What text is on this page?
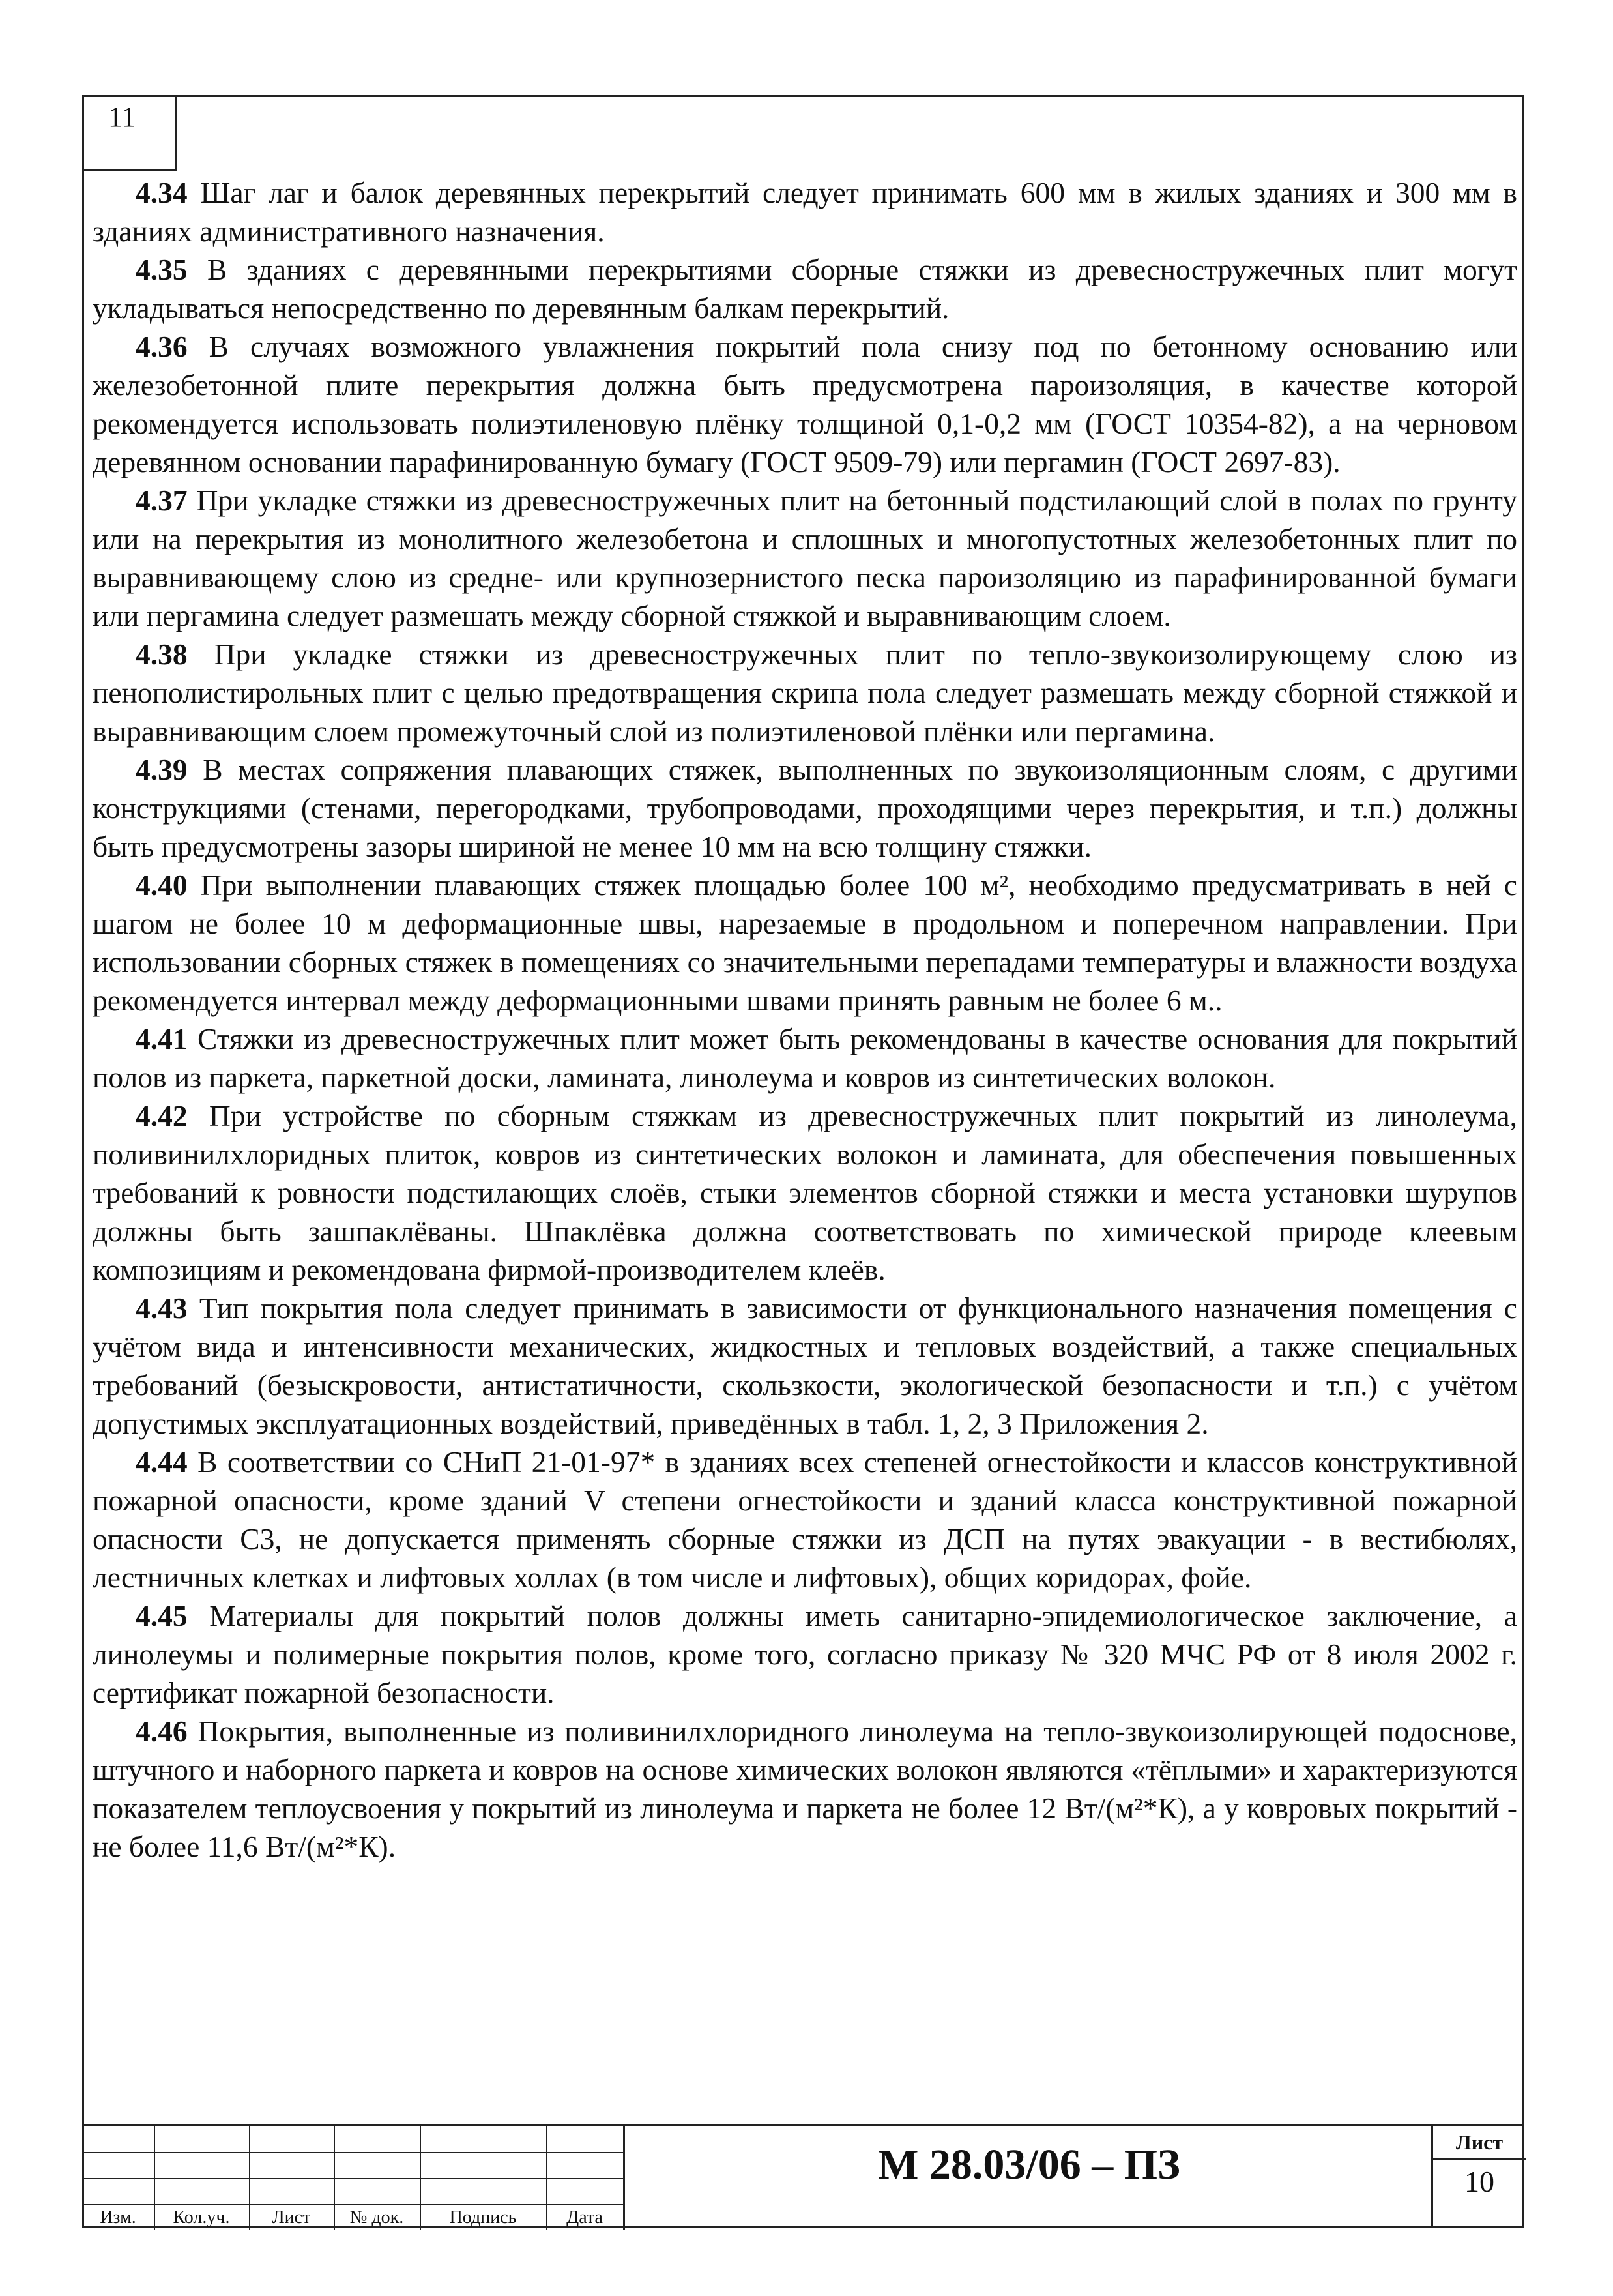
11

4.34 Шаг лаг и балок деревянных перекрытий следует принимать 600 мм в жилых зданиях и 300 мм в зданиях административного назначения.

4.35 В зданиях с деревянными перекрытиями сборные стяжки из древесностружечных плит могут укладываться непосредственно по деревянным балкам перекрытий.

4.36 В случаях возможного увлажнения покрытий пола снизу под по бетонному основанию или железобетонной плите перекрытия должна быть предусмотрена пароизоляция, в качестве которой рекомендуется использовать полиэтиленовую плёнку толщиной 0,1-0,2 мм (ГОСТ 10354-82), а на черновом деревянном основании парафинированную бумагу (ГОСТ 9509-79) или пергамин (ГОСТ 2697-83).

4.37 При укладке стяжки из древесностружечных плит на бетонный подстилающий слой в полах по грунту или на перекрытия из монолитного железобетона и сплошных и многопустотных железобетонных плит по выравнивающему слою из средне- или крупнозернистого песка пароизоляцию из парафинированной бумаги или пергамина следует размешать между сборной стяжкой и выравнивающим слоем.

4.38 При укладке стяжки из древесностружечных плит по тепло-звукоизолирующему слою из пенополистирольных плит с целью предотвращения скрипа пола следует размешать между сборной стяжкой и выравнивающим слоем промежуточный слой из полиэтиленовой плёнки или пергамина.

4.39 В местах сопряжения плавающих стяжек, выполненных по звукоизоляционным слоям, с другими конструкциями (стенами, перегородками, трубопроводами, проходящими через перекрытия, и т.п.) должны быть предусмотрены зазоры шириной не менее 10 мм на всю толщину стяжки.

4.40 При выполнении плавающих стяжек площадью более 100 м², необходимо предусматривать в ней с шагом не более 10 м деформационные швы, нарезаемые в продольном и поперечном направлении. При использовании сборных стяжек в помещениях со значительными перепадами температуры и влажности воздуха рекомендуется интервал между деформационными швами принять равным не более 6 м..

4.41 Стяжки из древесностружечных плит может быть рекомендованы в качестве основания для покрытий полов из паркета, паркетной доски, ламината, линолеума и ковров из синтетических волокон.

4.42 При устройстве по сборным стяжкам из древесностружечных плит покрытий из линолеума, поливинилхлоридных плиток, ковров из синтетических волокон и ламината, для обеспечения повышенных требований к ровности подстилающих слоёв, стыки элементов сборной стяжки и места установки шурупов должны быть зашпаклёваны. Шпаклёвка должна соответствовать по химической природе клеевым композициям и рекомендована фирмой-производителем клеёв.

4.43 Тип покрытия пола следует принимать в зависимости от функционального назначения помещения с учётом вида и интенсивности механических, жидкостных и тепловых воздействий, а также специальных требований (безыскровости, антистатичности, скользкости, экологической безопасности и т.п.) с учётом допустимых эксплуатационных воздействий, приведённых в табл. 1, 2, 3 Приложения 2.

4.44 В соответствии со СНиП 21-01-97* в зданиях всех степеней огнестойкости и классов конструктивной пожарной опасности, кроме зданий V степени огнестойкости и зданий класса конструктивной пожарной опасности С3, не допускается применять сборные стяжки из ДСП на путях эвакуации - в вестибюлях, лестничных клетках и лифтовых холлах (в том числе и лифтовых), общих коридорах, фойе.

4.45 Материалы для покрытий полов должны иметь санитарно-эпидемиологическое заключение, а линолеумы и полимерные покрытия полов, кроме того, согласно приказу № 320 МЧС РФ от 8 июля 2002 г. сертификат пожарной безопасности.

4.46 Покрытия, выполненные из поливинилхлоридного линолеума на тепло-звукоизолирующей подоснове, штучного и наборного паркета и ковров на основе химических волокон являются «тёплыми» и характеризуются показателем теплоусвоения у покрытий из линолеума и паркета не более 12 Вт/(м²*К), а у ковровых покрытий - не более 11,6 Вт/(м²*К).

Изм.	Кол.уч.	Лист	№ док.	Подпись	Дата
М 28.03/06 – ПЗ	Лист
10
